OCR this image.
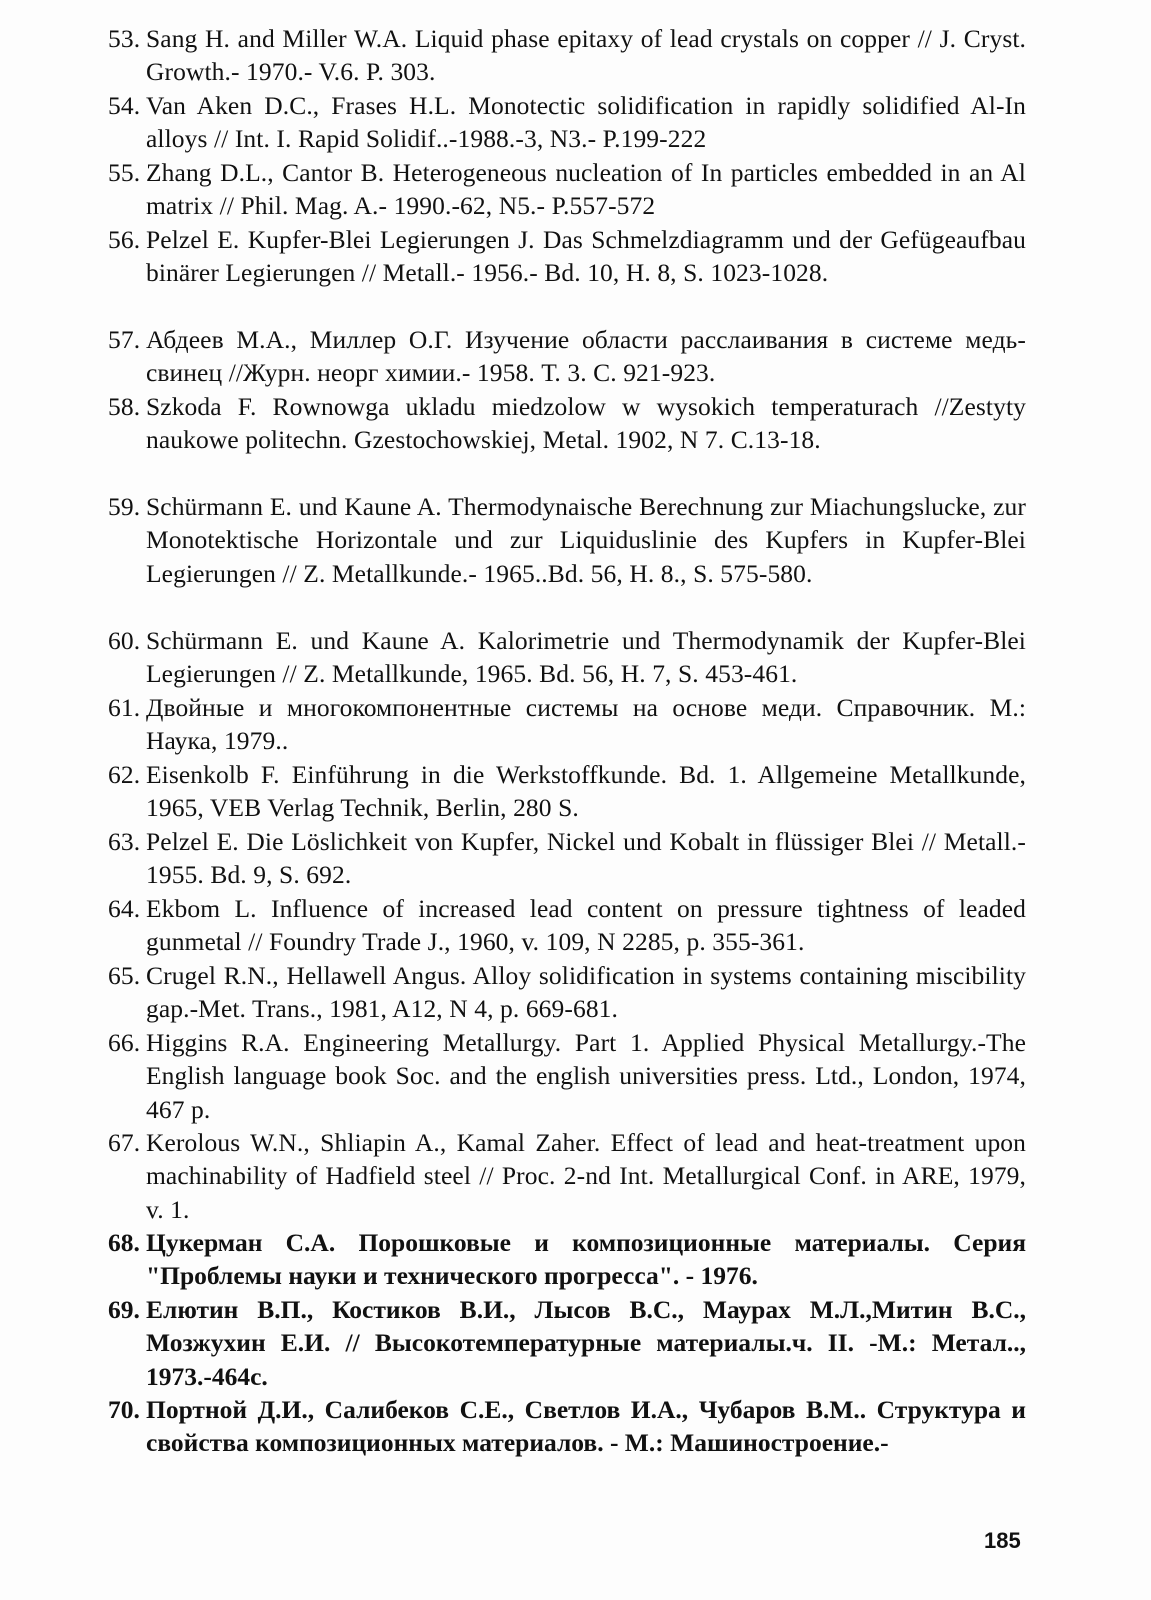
53. Sang H. and Miller W.A. Liquid phase epitaxy of lead crystals on copper // J. Cryst. Growth.- 1970.- V.6. P. 303.
54. Van Aken D.C., Frases H.L. Monotectic solidification in rapidly solidified Al-In alloys // Int. I. Rapid Solidif..-1988.-3, N3.- P.199-222
55. Zhang D.L., Cantor B. Heterogeneous nucleation of In particles embedded in an Al matrix // Phil. Mag. A.- 1990.-62, N5.- P.557-572
56. Pelzel E. Kupfer-Blei Legierungen J. Das Schmelzdiagramm und der Gefügeaufbau binärer Legierungen // Metall.- 1956.- Bd. 10, H. 8, S. 1023-1028.
57. Абдеев М.А., Миллер О.Г. Изучение области расслаивания в системе медь-свинец //Журн. неорг химии.- 1958. Т. 3. С. 921-923.
58. Szkoda F. Rownowga ukladu miedzolow w wysokich temperaturach //Zestyty naukowe politechn. Gzestochowskiej, Metal. 1902, N 7. C.13-18.
59. Schürmann E. und Kaune A. Thermodynaische Berechnung zur Miachungslucke, zur Monotektische Horizontale und zur Liquiduslinie des Kupfers in Kupfer-Blei Legierungen // Z. Metallkunde.- 1965..Bd. 56, H. 8., S. 575-580.
60. Schürmann E. und Kaune A. Kalorimetrie und Thermodynamik der Kupfer-Blei Legierungen // Z. Metallkunde, 1965. Bd. 56, H. 7, S. 453-461.
61. Двойные и многокомпонентные системы на основе меди. Справочник. М.: Наука, 1979..
62. Eisenkolb F. Einführung in die Werkstoffkunde. Bd. 1. Allgemeine Metallkunde, 1965, VEB Verlag Technik, Berlin, 280 S.
63. Pelzel E. Die Löslichkeit von Kupfer, Nickel und Kobalt in flüssiger Blei // Metall.- 1955. Bd. 9, S. 692.
64. Ekbom L. Influence of increased lead content on pressure tightness of leaded gunmetal // Foundry Trade J., 1960, v. 109, N 2285, p. 355-361.
65. Crugel R.N., Hellawell Angus. Alloy solidification in systems containing miscibility gap.-Met. Trans., 1981, A12, N 4, p. 669-681.
66. Higgins R.A. Engineering Metallurgy. Part 1. Applied Physical Metallurgy.-The English language book Soc. and the english universities press. Ltd., London, 1974, 467 p.
67. Kerolous W.N., Shliapin A., Kamal Zaher. Effect of lead and heat-treatment upon machinability of Hadfield steel // Proc. 2-nd Int. Metallurgical Conf. in ARE, 1979, v. 1.
68. Цукерман С.А. Порошковые и композиционные материалы. Серия "Проблемы науки и технического прогресса". - 1976.
69. Елютин В.П., Костиков В.И., Лысов В.С., Маурах М.Л.,Митин В.С., Мозжухин Е.И. // Высокотемпературные материалы.ч. II. -М.: Метал.., 1973.-464с.
70. Портной Д.И., Салибеков С.Е., Светлов И.А., Чубаров В.М.. Структура и свойства композиционных материалов. - М.: Машиностроение.-
185
